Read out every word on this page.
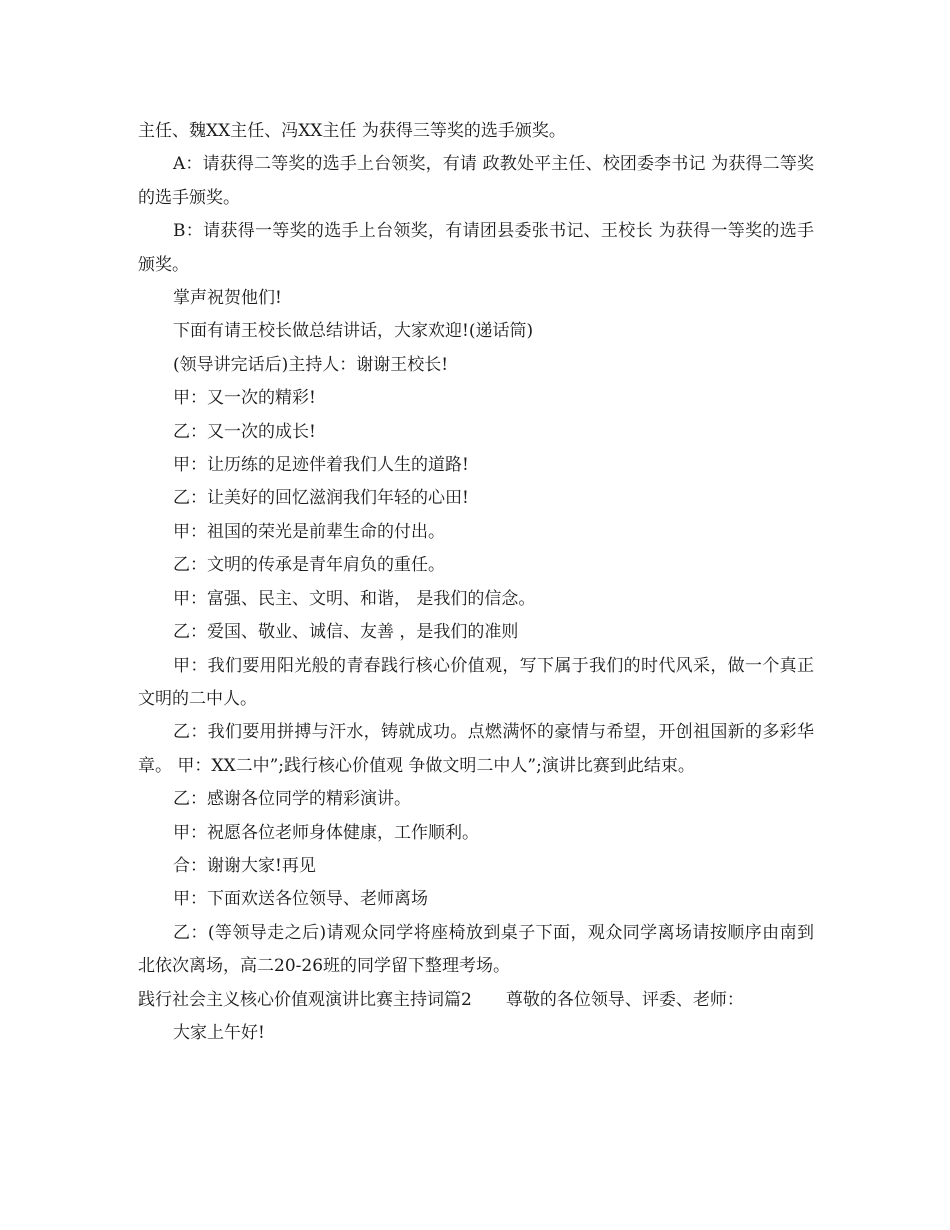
主任、魏XX主任、冯XX主任 为获得三等奖的选手颁奖。

A：请获得二等奖的选手上台领奖，有请 政教处平主任、校团委李书记 为获得二等奖的选手颁奖。

B：请获得一等奖的选手上台领奖，有请团县委张书记、王校长 为获得一等奖的选手颁奖。

掌声祝贺他们!

下面有请王校长做总结讲话，大家欢迎!(递话筒)

(领导讲完话后)主持人：谢谢王校长!

甲：又一次的精彩!

乙：又一次的成长!

甲：让历练的足迹伴着我们人生的道路!

乙：让美好的回忆滋润我们年轻的心田!

甲：祖国的荣光是前辈生命的付出。

乙：文明的传承是青年肩负的重任。

甲：富强、民主、文明、和谐， 是我们的信念。

乙：爱国、敬业、诚信、友善 ，是我们的准则

甲：我们要用阳光般的青春践行核心价值观，写下属于我们的时代风采，做一个真正文明的二中人。

乙：我们要用拼搏与汗水，铸就成功。点燃满怀的豪情与希望，开创祖国新的多彩华章。 甲：XX二中”;践行核心价值观 争做文明二中人”;演讲比赛到此结束。

乙：感谢各位同学的精彩演讲。

甲：祝愿各位老师身体健康，工作顺利。

合：谢谢大家!再见

甲：下面欢送各位领导、老师离场

乙：(等领导走之后)请观众同学将座椅放到桌子下面，观众同学离场请按顺序由南到北依次离场，高二20-26班的同学留下整理考场。

践行社会主义核心价值观演讲比赛主持词篇2　　尊敬的各位领导、评委、老师：

大家上午好!
